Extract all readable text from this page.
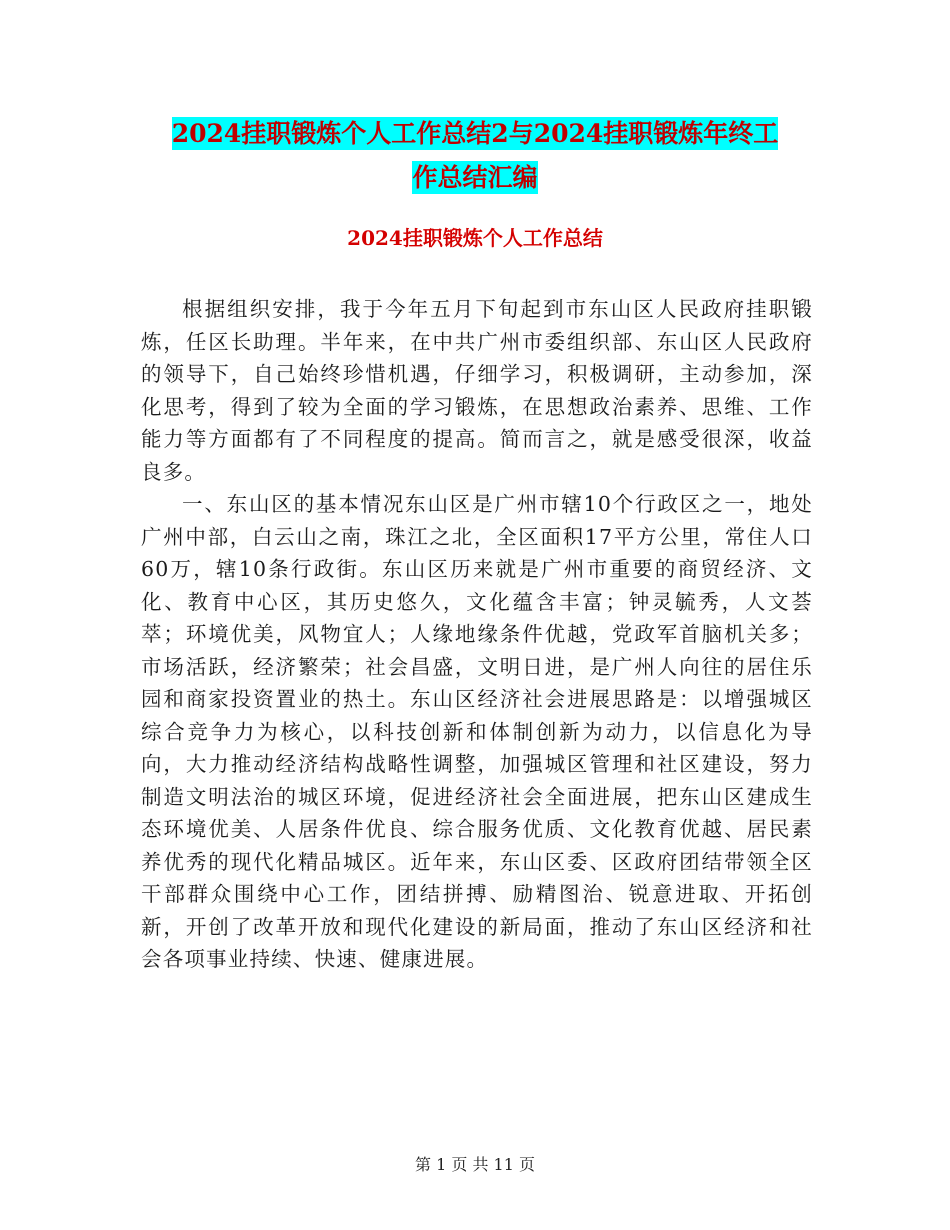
2024挂职锻炼个人工作总结2与2024挂职锻炼年终工
作总结汇编
2024挂职锻炼个人工作总结

根据组织安排，我于今年五月下旬起到市东山区人民政府挂职锻炼，任区长助理。半年来，在中共广州市委组织部、东山区人民政府的领导下，自己始终珍惜机遇，仔细学习，积极调研，主动参加，深化思考，得到了较为全面的学习锻炼，在思想政治素养、思维、工作能力等方面都有了不同程度的提高。简而言之，就是感受很深，收益良多。

一、东山区的基本情况东山区是广州市辖10个行政区之一，地处广州中部，白云山之南，珠江之北，全区面积17平方公里，常住人口60万，辖10条行政街。东山区历来就是广州市重要的商贸经济、文化、教育中心区，其历史悠久，文化蕴含丰富；钟灵毓秀，人文荟萃；环境优美，风物宜人；人缘地缘条件优越，党政军首脑机关多；市场活跃，经济繁荣；社会昌盛，文明日进，是广州人向往的居住乐园和商家投资置业的热土。东山区经济社会进展思路是：以增强城区综合竞争力为核心，以科技创新和体制创新为动力，以信息化为导向，大力推动经济结构战略性调整，加强城区管理和社区建设，努力制造文明法治的城区环境，促进经济社会全面进展，把东山区建成生态环境优美、人居条件优良、综合服务优质、文化教育优越、居民素养优秀的现代化精品城区。近年来，东山区委、区政府团结带领全区干部群众围绕中心工作，团结拼搏、励精图治、锐意进取、开拓创新，开创了改革开放和现代化建设的新局面，推动了东山区经济和社会各项事业持续、快速、健康进展。

第 1 页 共 11 页
